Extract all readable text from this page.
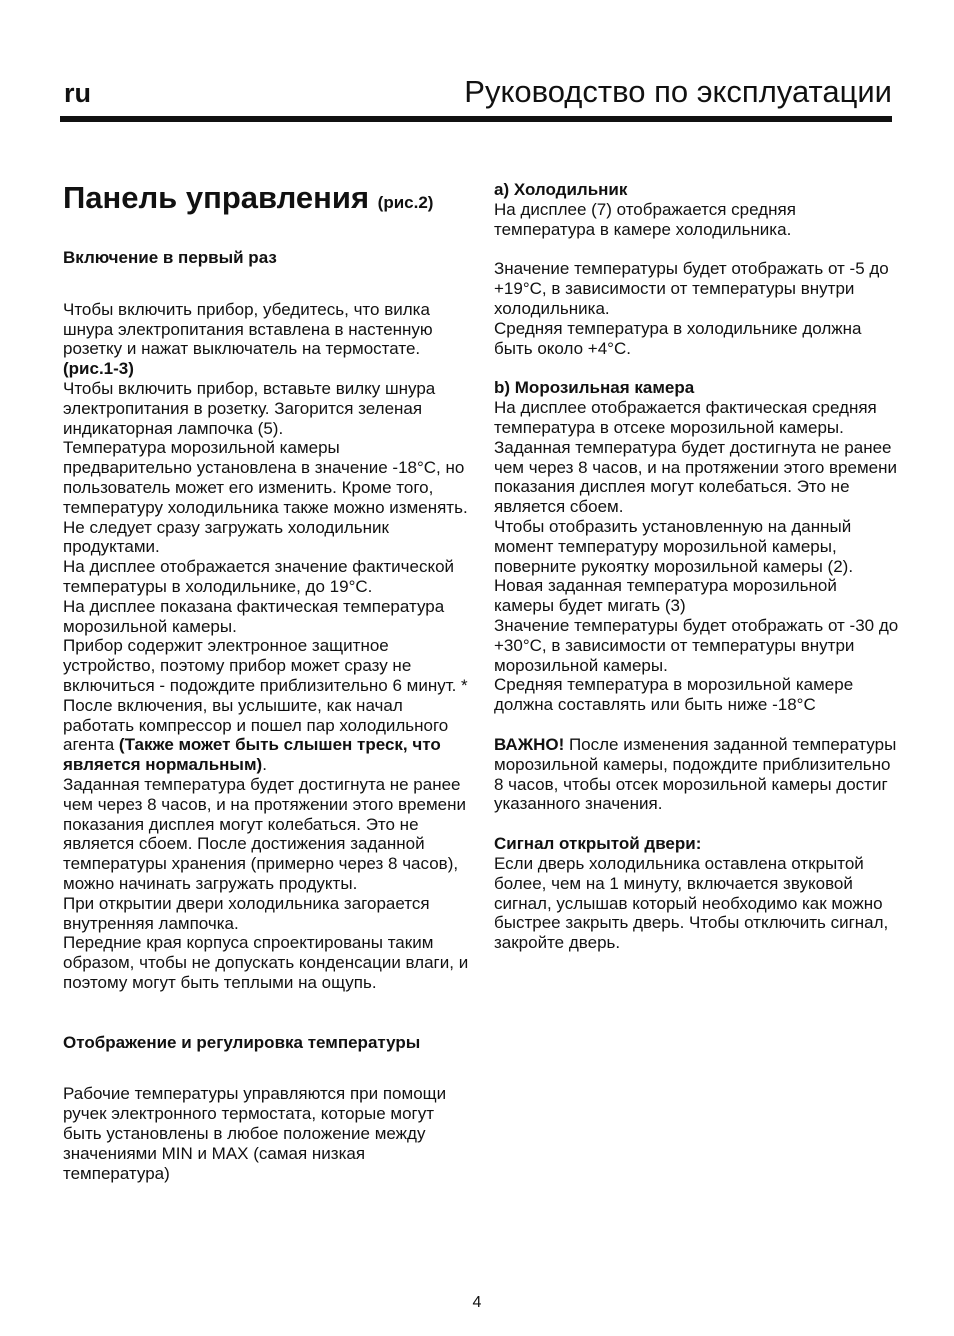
ru	Руководство по эксплуатации
Панель управления (рис.2)

Включение в первый раз

Чтобы включить прибор, убедитесь, что вилка шнура электропитания вставлена в настенную розетку и нажат выключатель на термостате.
(рис.1-3)

Чтобы включить прибор, вставьте вилку шнура электропитания в розетку. Загорится зеленая индикаторная лампочка (5).

Температура морозильной камеры предварительно установлена в значение -18°C, но пользователь может его изменить. Кроме того, температуру холодильника также можно изменять.

Не следует сразу загружать холодильник продуктами.

На дисплее отображается значение фактической температуры в холодильнике, до 19°C.

На дисплее показана фактическая температура морозильной камеры.

Прибор содержит электронное защитное устройство, поэтому прибор может сразу не включиться - подождите приблизительно 6 минут. * После включения, вы услышите, как начал работать компрессор и пошел пар холодильного агента (Также может быть слышен треск, что является нормальным).

Заданная температура будет достигнута не ранее чем через 8 часов, и на протяжении этого времени показания дисплея могут колебаться. Это не является сбоем. После достижения заданной температуры хранения (примерно через 8 часов), можно начинать загружать продукты.

При открытии двери холодильника загорается внутренняя лампочка.

Передние края корпуса спроектированы таким образом, чтобы не допускать конденсации влаги, и поэтому могут быть теплыми на ощупь.

Отображение и регулировка температуры

Рабочие температуры управляются при помощи ручек электронного термостата, которые могут быть установлены в любое положение между значениями MIN и MAX (самая низкая температура)

a) Холодильник

На дисплее (7) отображается средняя температура в камере холодильника.

Значение температуры будет отображать от -5 до +19°C, в зависимости от температуры внутри холодильника.

Средняя температура в холодильнике должна быть около +4°C.

b) Морозильная камера

На дисплее отображается фактическая средняя температура в отсеке морозильной камеры.

Заданная температура будет достигнута не ранее чем через 8 часов, и на протяжении этого времени показания дисплея могут колебаться. Это не является сбоем.

Чтобы отобразить установленную на данный момент температуру морозильной камеры, поверните рукоятку морозильной камеры (2).

Новая заданная температура морозильной камеры будет мигать (3)

Значение температуры будет отображать от -30 до +30°C, в зависимости от температуры внутри морозильной камеры.

Средняя температура в морозильной камере должна составлять или быть ниже -18°C

ВАЖНО! После изменения заданной температуры морозильной камеры, подождите приблизительно 8 часов, чтобы отсек морозильной камеры достиг указанного значения.

Сигнал открытой двери:

Если дверь холодильника оставлена открытой более, чем на 1 минуту, включается звуковой сигнал, услышав который необходимо как можно быстрее закрыть дверь. Чтобы отключить сигнал, закройте дверь.

4
